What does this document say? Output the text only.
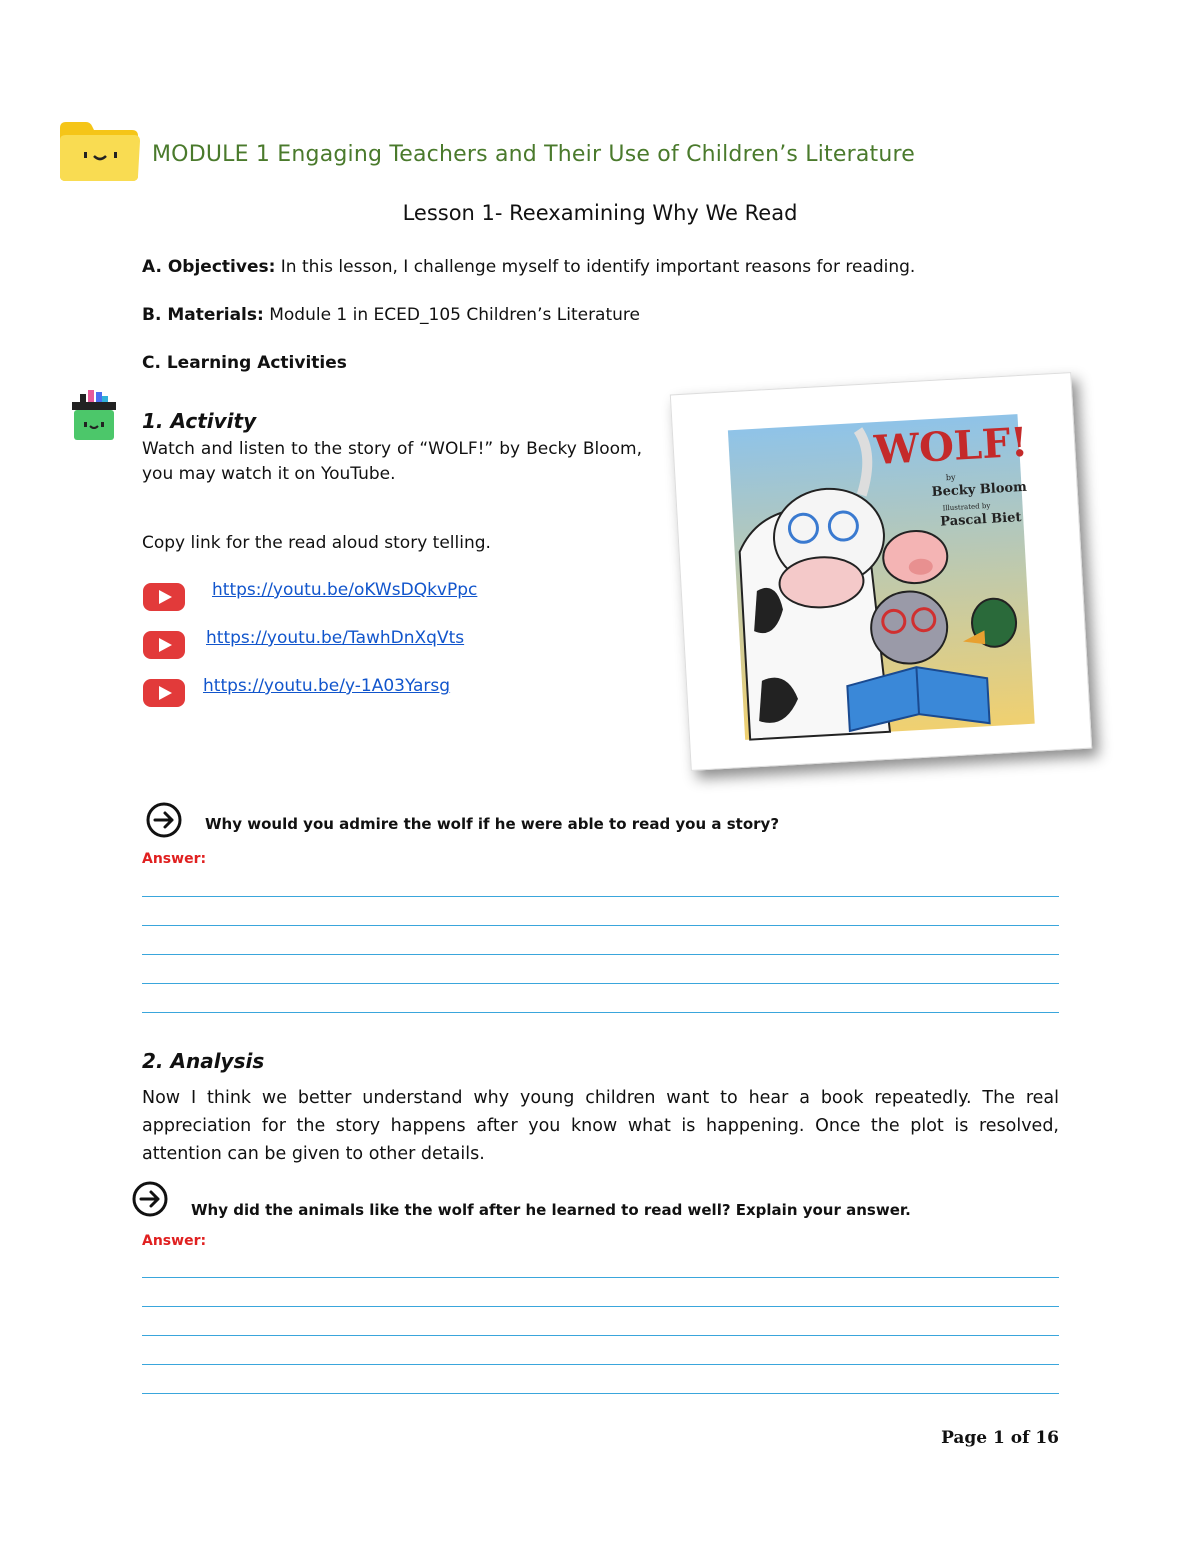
MODULE 1 Engaging Teachers and Their Use of Children’s Literature
Lesson 1- Reexamining Why We Read
A. Objectives: In this lesson, I challenge myself to identify important reasons for reading.
B. Materials: Module 1 in ECED_105 Children’s Literature
C. Learning Activities
1. Activity
Watch and listen to the story of “WOLF!” by Becky Bloom, you may watch it on YouTube.
Copy link for the read aloud story telling.
https://youtu.be/oKWsDQkvPpc
https://youtu.be/TawhDnXqVts
https://youtu.be/y-1A03Yarsg
WOLF!
by
Becky Bloom
Illustrated by
Pascal Biet
Why would you admire the wolf if he were able to read you a story?
Answer:
2. Analysis
Now I think we better understand why young children want to hear a book repeatedly. The real appreciation for the story happens after you know what is happening. Once the plot is resolved, attention can be given to other details.
Why did the animals like the wolf after he learned to read well? Explain your answer.
Answer:
Page 1 of 16
